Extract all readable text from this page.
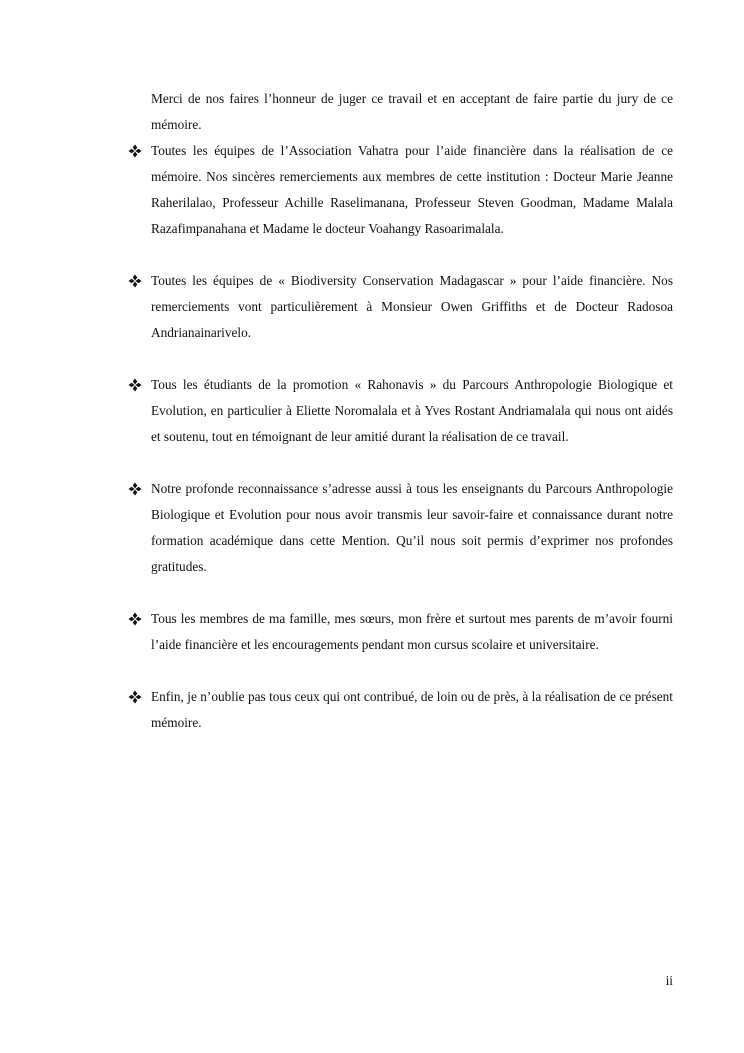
Merci de nos faires l’honneur de juger ce travail et en acceptant de faire partie du jury de ce mémoire.

Toutes les équipes de l’Association Vahatra pour l’aide financière dans la réalisation de ce mémoire. Nos sincères remerciements aux membres de cette institution : Docteur Marie Jeanne Raherilalao, Professeur Achille Raselimanana, Professeur Steven Goodman, Madame Malala Razafimpanahana et Madame le docteur Voahangy Rasoarimalala.

Toutes les équipes de « Biodiversity Conservation Madagascar » pour l’aide financière. Nos remerciements vont particulièrement à Monsieur Owen Griffiths et de Docteur Radosoa Andrianainarivelo.

Tous les étudiants de la promotion « Rahonavis » du Parcours Anthropologie Biologique et Evolution, en particulier à Eliette Noromalala et à Yves Rostant Andriamalala qui nous ont aidés et soutenu, tout en témoignant de leur amitié durant la réalisation de ce travail.

Notre profonde reconnaissance s’adresse aussi à tous les enseignants du Parcours Anthropologie Biologique et Evolution pour nous avoir transmis leur savoir-faire et connaissance durant notre formation académique dans cette Mention. Qu’il nous soit permis d’exprimer nos profondes gratitudes.

Tous les membres de ma famille, mes sœurs, mon frère et surtout mes parents de m’avoir fourni l’aide financière et les encouragements pendant mon cursus scolaire et universitaire.

Enfin, je n’oublie pas tous ceux qui ont contribué, de loin ou de près, à la réalisation de ce présent mémoire.

ii
